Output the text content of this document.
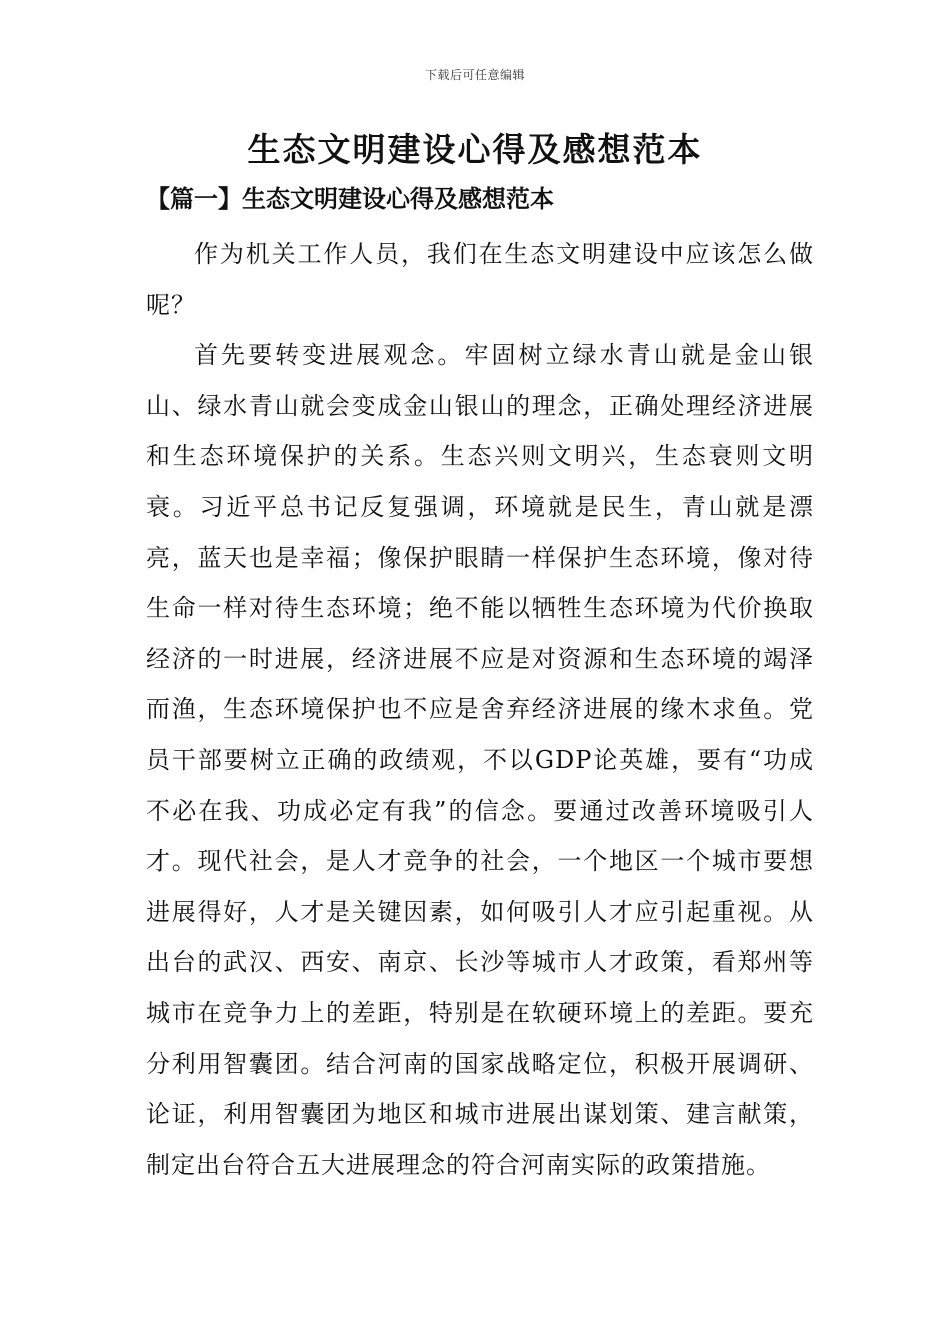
下载后可任意编辑
生态文明建设心得及感想范本
【篇一】生态文明建设心得及感想范本

作为机关工作人员，我们在生态文明建设中应该怎么做呢？

首先要转变进展观念。牢固树立绿水青山就是金山银山、绿水青山就会变成金山银山的理念，正确处理经济进展和生态环境保护的关系。生态兴则文明兴，生态衰则文明衰。习近平总书记反复强调，环境就是民生，青山就是漂亮，蓝天也是幸福；像保护眼睛一样保护生态环境，像对待生命一样对待生态环境；绝不能以牺牲生态环境为代价换取经济的一时进展，经济进展不应是对资源和生态环境的竭泽而渔，生态环境保护也不应是舍弃经济进展的缘木求鱼。党员干部要树立正确的政绩观，不以GDP论英雄，要有“功成不必在我、功成必定有我”的信念。要通过改善环境吸引人才。现代社会，是人才竞争的社会，一个地区一个城市要想进展得好，人才是关键因素，如何吸引人才应引起重视。从出台的武汉、西安、南京、长沙等城市人才政策，看郑州等城市在竞争力上的差距，特别是在软硬环境上的差距。要充分利用智囊团。结合河南的国家战略定位，积极开展调研、论证，利用智囊团为地区和城市进展出谋划策、建言献策，制定出台符合五大进展理念的符合河南实际的政策措施。
